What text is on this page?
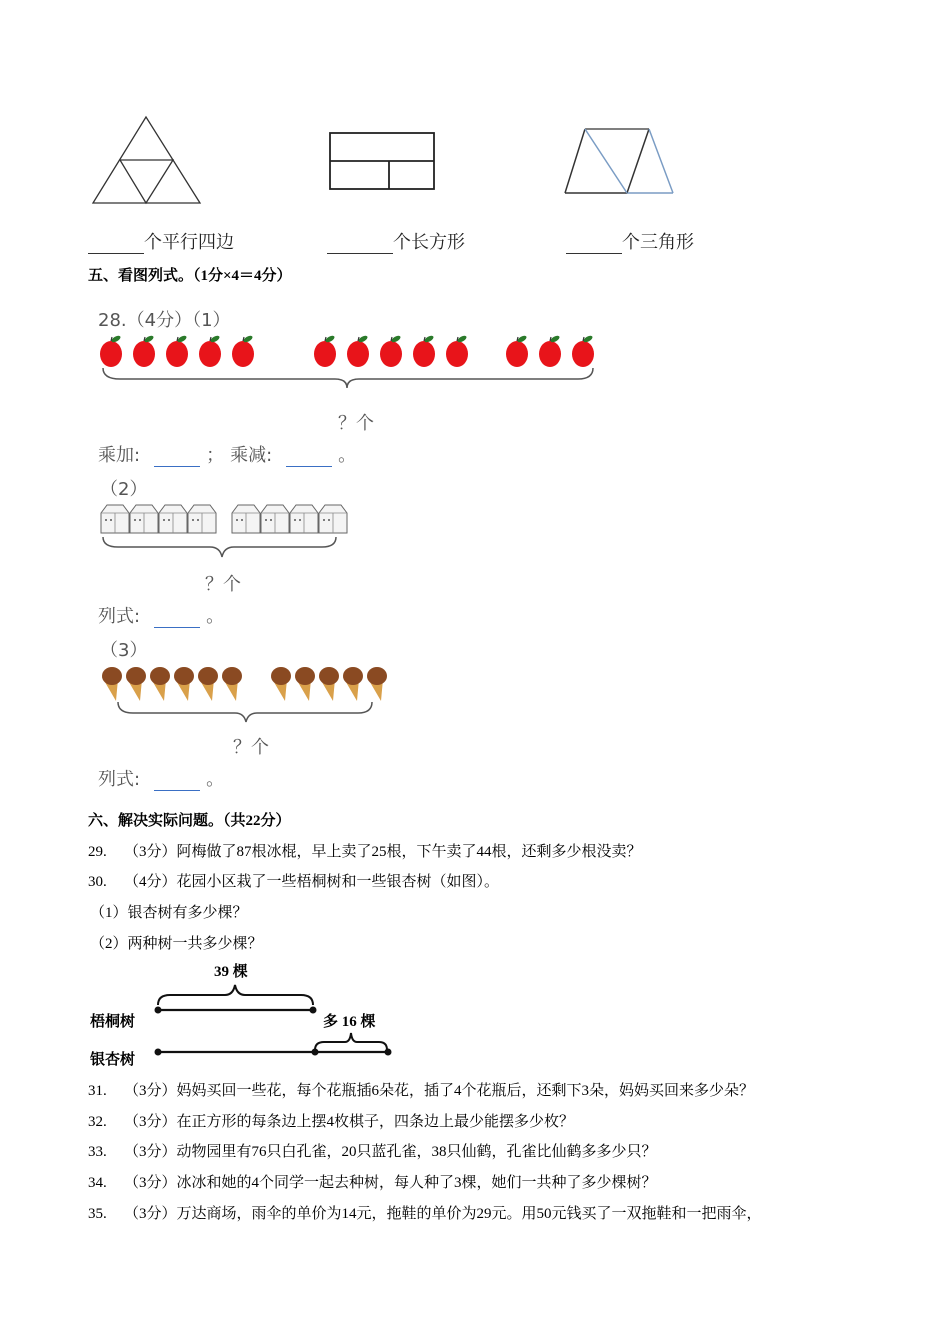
个平行四边	个长方形	个三角形
五、看图列式。（1分×4＝4分）
28.（4分）（1）
？个
乘加:	； 乘减:	。
（2）
？个
列式:	。
（3）
？个
列式:	。
六、解决实际问题。（共22分）
29. （3分）阿梅做了87根冰棍，早上卖了25根，下午卖了44根，还剩多少根没卖？
30. （4分）花园小区栽了一些梧桐树和一些银杏树（如图）。
（1）银杏树有多少棵？
（2）两种树一共多少棵？
39 棵
梧桐树	多 16 棵
银杏树
31. （3分）妈妈买回一些花，每个花瓶插6朵花，插了4个花瓶后，还剩下3朵，妈妈买回来多少朵？
32. （3分）在正方形的每条边上摆4枚棋子，四条边上最少能摆多少枚？
33. （3分）动物园里有76只白孔雀，20只蓝孔雀，38只仙鹤，孔雀比仙鹤多多少只？
34. （3分）冰冰和她的4个同学一起去种树，每人种了3棵，她们一共种了多少棵树？
35. （3分）万达商场，雨伞的单价为14元，拖鞋的单价为29元。用50元钱买了一双拖鞋和一把雨伞，
